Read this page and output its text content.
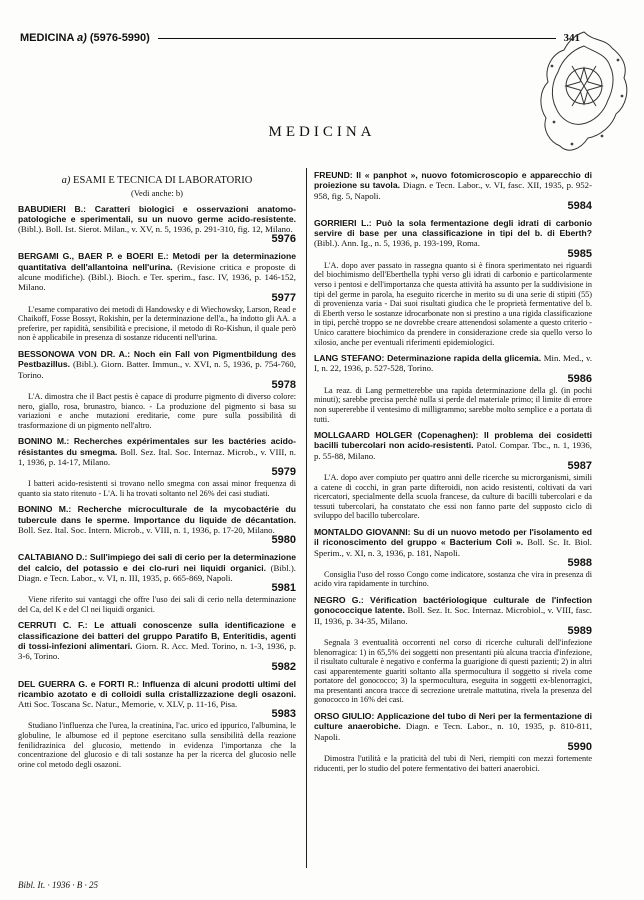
MEDICINA a) (5976-5990)	341
MEDICINA
a) ESAMI E TECNICA DI LABORATORIO
(Vedi anche: b)
BABUDIERI B.: Caratteri biologici e osservazioni anatomo-patologiche e sperimentali, su un nuovo germe acido-resistente. (Bibl.). Boll. Ist. Sierot. Milan., v. XV, n. 5, 1936, p. 291-310, fig. 12, Milano.
5976
BERGAMI G., BAER P. e BOERI E.: Metodi per la determinazione quantitativa dell'allantoina nell'urina. (Revisione critica e proposte di alcune modifiche). (Bibl.). Bioch. e Ter. sperim., fasc. IV, 1936, p. 146-152, Milano.
5977
L'esame comparativo dei metodi di Handowsky e di Wiechowsky, Larson, Read e Chaikoff, Fosse Bossyt, Rokishin, per la determinazione dell'a., ha indotto gli AA. a preferire, per rapidità, sensibilità e precisione, il metodo di Ro-Kishun, il quale però non è applicabile in presenza di sostanze riducenti nell'urina.
BESSONOWA VON DR. A.: Noch ein Fall von Pigmentbildung des Pestbazillus. (Bibl.). Giorn. Batter. Immun., v. XVI, n. 5, 1936, p. 754-760, Torino.
5978
L'A. dimostra che il Bact pestis è capace di produrre pigmento di diverso colore: nero, giallo, rosa, brunastro, bianco. - La produzione del pigmento si basa su variazioni e anche mutazioni ereditarie, come pure sulla possibilità di trasformazione di un pigmento nell'altro.
BONINO M.: Recherches expérimentales sur les bactéries acido-résistantes du smegma. Boll. Sez. Ital. Soc. Internaz. Microb., v. VIII, n. 1, 1936, p. 14-17, Milano.
5979
I batteri acido-resistenti si trovano nello smegma con assai minor frequenza di quanto sia stato ritenuto - L'A. li ha trovati soltanto nel 26% dei casi studiati.
BONINO M.: Recherche microculturale de la mycobactérie du tubercule dans le sperme. Importance du liquide de décantation. Boll. Sez. Ital. Soc. Intern. Microb., v. VIII, n. 1, 1936, p. 17-20, Milano.
5980
CALTABIANO D.: Sull'impiego dei sali di cerio per la determinazione del calcio, del potassio e dei clo-ruri nei liquidi organici. (Bibl.). Diagn. e Tecn. Labor., v. VI, n. III, 1935, p. 665-869, Napoli.
5981
Viene riferito sui vantaggi che offre l'uso dei sali di cerio nella determinazione del Ca, del K e del Cl nei liquidi organici.
CERRUTI C. F.: Le attuali conoscenze sulla identificazione e classificazione dei batteri del gruppo Paratifo B, Enteritidis, agenti di tossi-infezioni alimentari. Giorn. R. Acc. Med. Torino, n. 1-3, 1936, p. 3-6, Torino.
5982
DEL GUERRA G. e FORTI R.: Influenza di alcuni prodotti ultimi del ricambio azotato e di colloidi sulla cristallizzazione degli osazoni. Atti Soc. Toscana Sc. Natur., Memorie, v. XLV, p. 11-16, Pisa.
5983
Studiano l'influenza che l'urea, la creatinina, l'ac. urico ed ippurico, l'albumina, le globuline, le albumose ed il peptone esercitano sulla sensibilità della reazione fenilidrazinica del glucosio, mettendo in evidenza l'importanza che la concentrazione del glucosio e di tali sostanze ha per la ricerca del glucosio nelle orine col metodo degli osazoni.
FREUND: Il « panphot », nuovo fotomicroscopio e apparecchio di proiezione su tavola. Diagn. e Tecn. Labor., v. VI, fasc. XII, 1935, p. 952-958, fig. 5, Napoli.
5984
GORRIERI L.: Può la sola fermentazione degli idrati di carbonio servire di base per una classificazione in tipi del b. di Eberth? (Bibl.). Ann. Ig., n. 5, 1936, p. 193-199, Roma.
5985
L'A. dopo aver passato in rassegna quanto si è finora sperimentato nei riguardi del biochimismo dell'Eberthella typhi verso gli idrati di carbonio e particolarmente verso i pentosi e dell'importanza che questa attività ha assunto per la suddivisione in tipi del germe in parola, ha eseguito ricerche in merito su di una serie di stipiti (55) di provenienza varia - Dai suoi risultati giudica che le proprietà fermentative del b. di Eberth verso le sostanze idrocarbonate non si prestino a una rigida classificazione in tipi, perchè troppo se ne dovrebbe creare attenendosi solamente a questo criterio - Unico carattere biochimico da prendere in considerazione crede sia quello verso lo xilosio, anche per eventuali riferimenti epidemiologici.
LANG STEFANO: Determinazione rapida della glicemia. Min. Med., v. I, n. 22, 1936, p. 527-528, Torino.
5986
La reaz. di Lang permetterebbe una rapida determinazione della gl. (in pochi minuti); sarebbe precisa perchè nulla si perde del materiale primo; il limite di errore non supererebbe il ventesimo di milligrammo; sarebbe molto semplice e a portata di tutti.
MOLLGAARD HOLGER (Copenaghen): Il problema dei cosidetti bacilli tubercolari non acido-resistenti. Patol. Compar. Tbc., n. 1, 1936, p. 55-88, Milano.
5987
L'A. dopo aver compiuto per quattro anni delle ricerche su microrganismi, simili a catene di cocchi, in gran parte difteroidi, non acido resistenti, coltivati da vari ricercatori, specialmente della scuola francese, da culture di bacilli tubercolari e da tessuti tubercolari, ha constatato che essi non fanno parte del supposto ciclo di sviluppo del bacillo tubercolare.
MONTALDO GIOVANNI: Su di un nuovo metodo per l'isolamento ed il riconoscimento del gruppo « Bacterium Coli ». Boll. Sc. It. Biol. Sperim., v. XI, n. 3, 1936, p. 181, Napoli.
5988
Consiglia l'uso del rosso Congo come indicatore, sostanza che vira in presenza di acido vira rapidamente in turchino.
NEGRO G.: Vérification bactériologique culturale de l'infection gonococcique latente. Boll. Sez. It. Soc. Internaz. Microbiol., v. VIII, fasc. II, 1936, p. 34-35, Milano.
5989
Segnala 3 eventualità occorrenti nel corso di ricerche culturali dell'infezione blenorragica: 1) in 65,5% dei soggetti non presentanti più alcuna traccia d'infezione, il risultato culturale è negativo e conferma la guarigione di questi pazienti; 2) in altri casi apparentemente guariti soltanto alla spermocultura il soggetto si rivela come portatore del gonococco; 3) la spermocultura, eseguita in soggetti ex-blenorragici, ma presentanti ancora tracce di secrezione uretrale mattutina, rivela la presenza del gonococco in 16% dei casi.
ORSO GIULIO: Applicazione del tubo di Neri per la fermentazione di culture anaerobiche. Diagn. e Tecn. Labor., n. 10, 1935, p. 810-811, Napoli.
5990
Dimostra l'utilità e la praticità del tubi di Neri, riempiti con mezzi fortemente riducenti, per lo studio del potere fermentativo dei batteri anaerobici.
Bibl. It. · 1936 · B · 25
